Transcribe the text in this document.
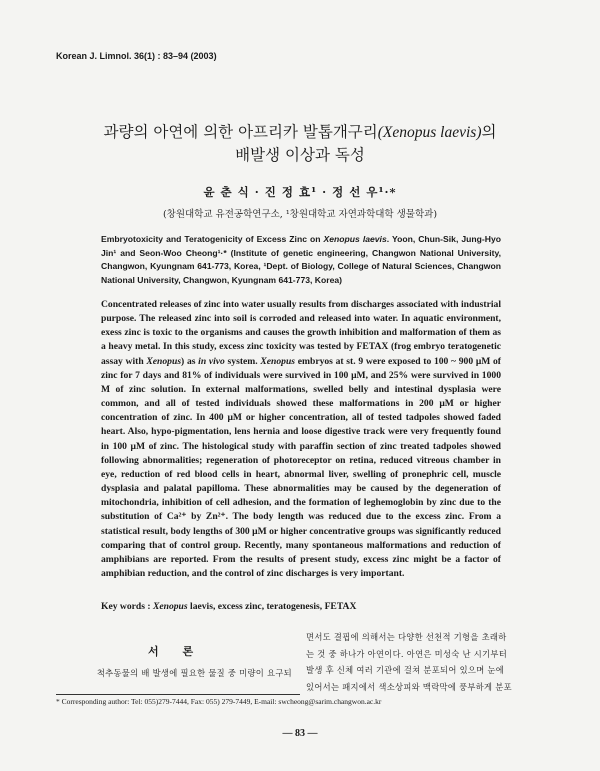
Korean J. Limnol. 36(1) : 83–94 (2003)
과량의 아연에 의한 아프리카 발톱개구리(Xenopus laevis)의
배발생 이상과 독성
윤 춘 식 · 진 정 효¹ · 정 선 우¹·*
(창원대학교 유전공학연구소, ¹창원대학교 자연과학대학 생물학과)
Embryotoxicity and Teratogenicity of Excess Zinc on Xenopus laevis. Yoon, Chun-Sik, Jung-Hyo Jin¹ and Seon-Woo Cheong¹·* (Institute of genetic engineering, Changwon National University, Changwon, Kyungnam 641-773, Korea, ¹Dept. of Biology, College of Natural Sciences, Changwon National University, Changwon, Kyungnam 641-773, Korea)

Concentrated releases of zinc into water usually results from discharges associated with industrial purpose. The released zinc into soil is corroded and released into water. In aquatic environment, exess zinc is toxic to the organisms and causes the growth inhibition and malformation of them as a heavy metal. In this study, excess zinc toxicity was tested by FETAX (frog embryo teratogenetic assay with Xenopus) as in vivo system. Xenopus embryos at st. 9 were exposed to 100 ~ 900 μM of zinc for 7 days and 81% of individuals were survived in 100 μM, and 25% were survived in 1000 M of zinc solution. In external malformations, swelled belly and intestinal dysplasia were common, and all of tested individuals showed these malformations in 200 μM or higher concentration of zinc. In 400 μM or higher concentration, all of tested tadpoles showed faded heart. Also, hypo-pigmentation, lens hernia and loose digestive track were very frequently found in 100 μM of zinc. The histological study with paraffin section of zinc treated tadpoles showed following abnormalities; regeneration of photoreceptor on retina, reduced vitreous chamber in eye, reduction of red blood cells in heart, abnormal liver, swelling of pronephric cell, muscle dysplasia and palatal papilloma. These abnormalities may be caused by the degeneration of mitochondria, inhibition of cell adhesion, and the formation of leghemoglobin by zinc due to the substitution of Ca²⁺ by Zn²⁺. The body length was reduced due to the excess zinc. From a statistical result, body lengths of 300 μM or higher concentrative groups was significantly reduced comparing that of control group. Recently, many spontaneous malformations and reduction of amphibians are reported. From the results of present study, excess zinc might be a factor of amphibian reduction, and the control of zinc discharges is very important.

Key words : Xenopus laevis, excess zinc, teratogenesis, FETAX
서 론
척추동물의 배 발생에 필요한 물질 중 미량이 요구되
면서도 결핍에 의해서는 다양한 선천적 기형을 초래하
는 것 중 하나가 아연이다. 아연은 미성숙 난 시기부터
발생 후 신체 여러 기관에 걸쳐 분포되어 있으며 눈에
있어서는 패지에서 색소상피와 맥락막에 풍부하게 분포
* Corresponding author: Tel: 055)279-7444, Fax: 055) 279-7449, E-mail: swcheong@sarim.changwon.ac.kr
— 83 —
